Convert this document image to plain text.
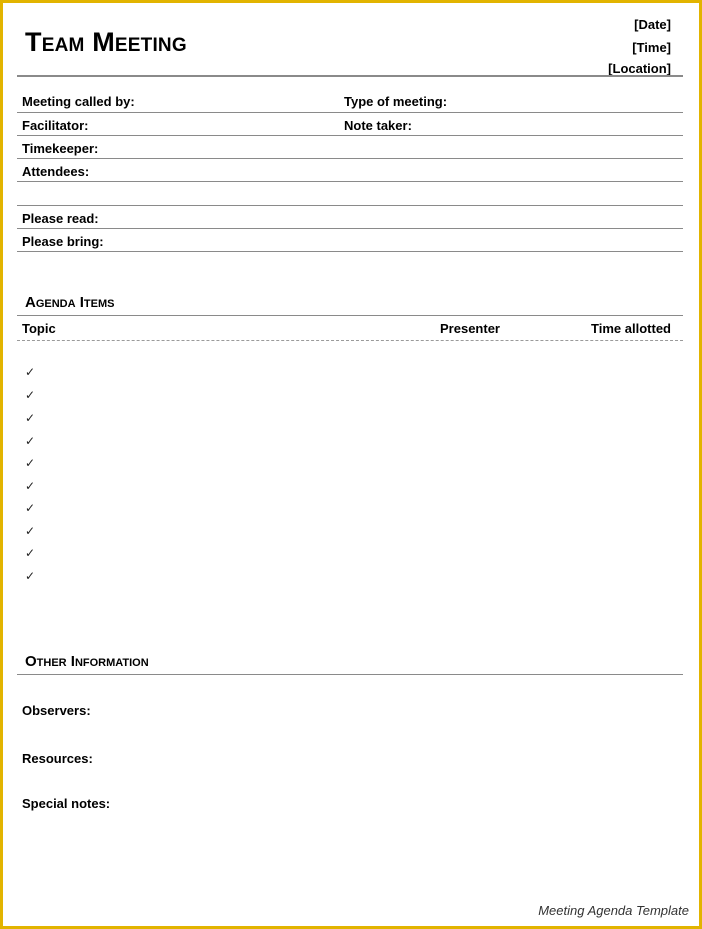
Team Meeting
[Date]
[Time]
[Location]
Meeting called by:	Type of meeting:
Facilitator:	Note taker:
Timekeeper:
Attendees:
Please read:
Please bring:
Agenda Items
Topic	Presenter	Time allotted
✓
✓
✓
✓
✓
✓
✓
✓
✓
✓
Other Information
Observers:
Resources:
Special notes:
Meeting Agenda Template
